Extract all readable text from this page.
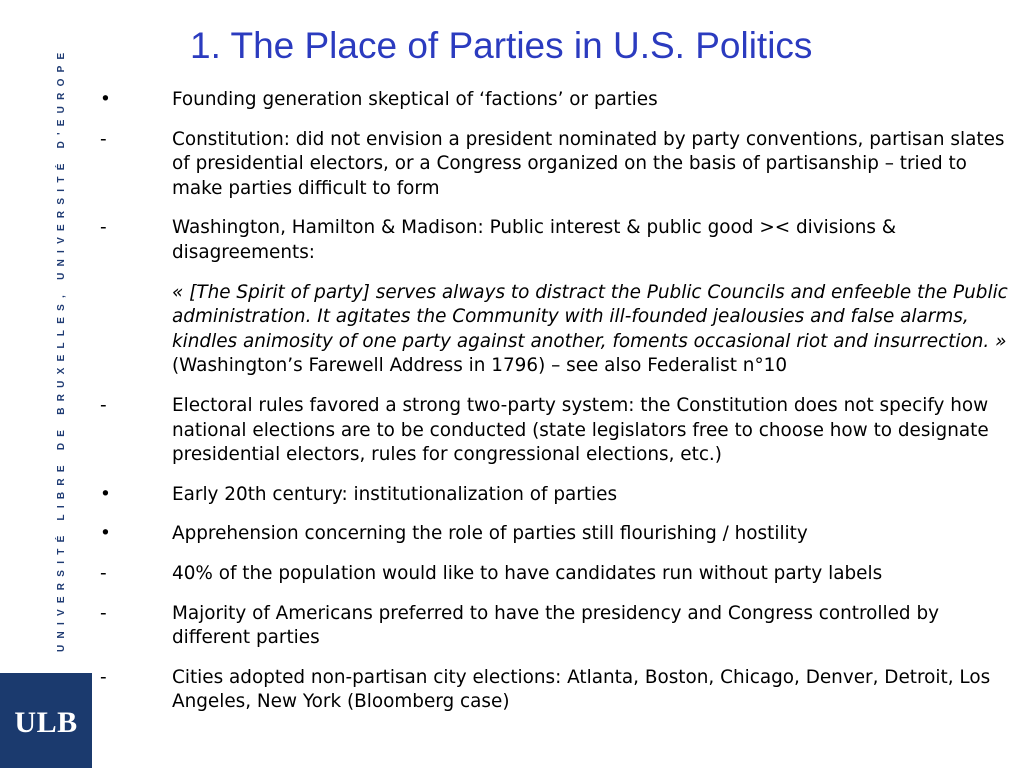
UNIVERSITÉ LIBRE DE BRUXELLES, UNIVERSITÉ D'EUROPE
ULB
1. The Place of Parties in U.S. Politics
•	Founding generation skeptical of ‘factions’ or parties
-	Constitution: did not envision a president nominated by party conventions, partisan slates of presidential electors, or a Congress organized on the basis of partisanship – tried to make parties difficult to form
-	Washington, Hamilton & Madison: Public interest & public good >< divisions & disagreements:
« [The Spirit of party] serves always to distract the Public Councils and enfeeble the Public administration. It agitates the Community with ill-founded jealousies and false alarms, kindles animosity of one party against another, foments occasional riot and insurrection. » (Washington’s Farewell Address in 1796) – see also Federalist n°10
-	Electoral rules favored a strong two-party system: the Constitution does not specify how national elections are to be conducted (state legislators free to choose how to designate presidential electors, rules for congressional elections, etc.)
•	Early 20th century: institutionalization of parties
•	Apprehension concerning the role of parties still flourishing / hostility
-	40% of the population would like to have candidates run without party labels
-	Majority of Americans preferred to have the presidency and Congress controlled by different parties
-	Cities adopted non-partisan city elections: Atlanta, Boston, Chicago, Denver, Detroit, Los Angeles, New York (Bloomberg case)
